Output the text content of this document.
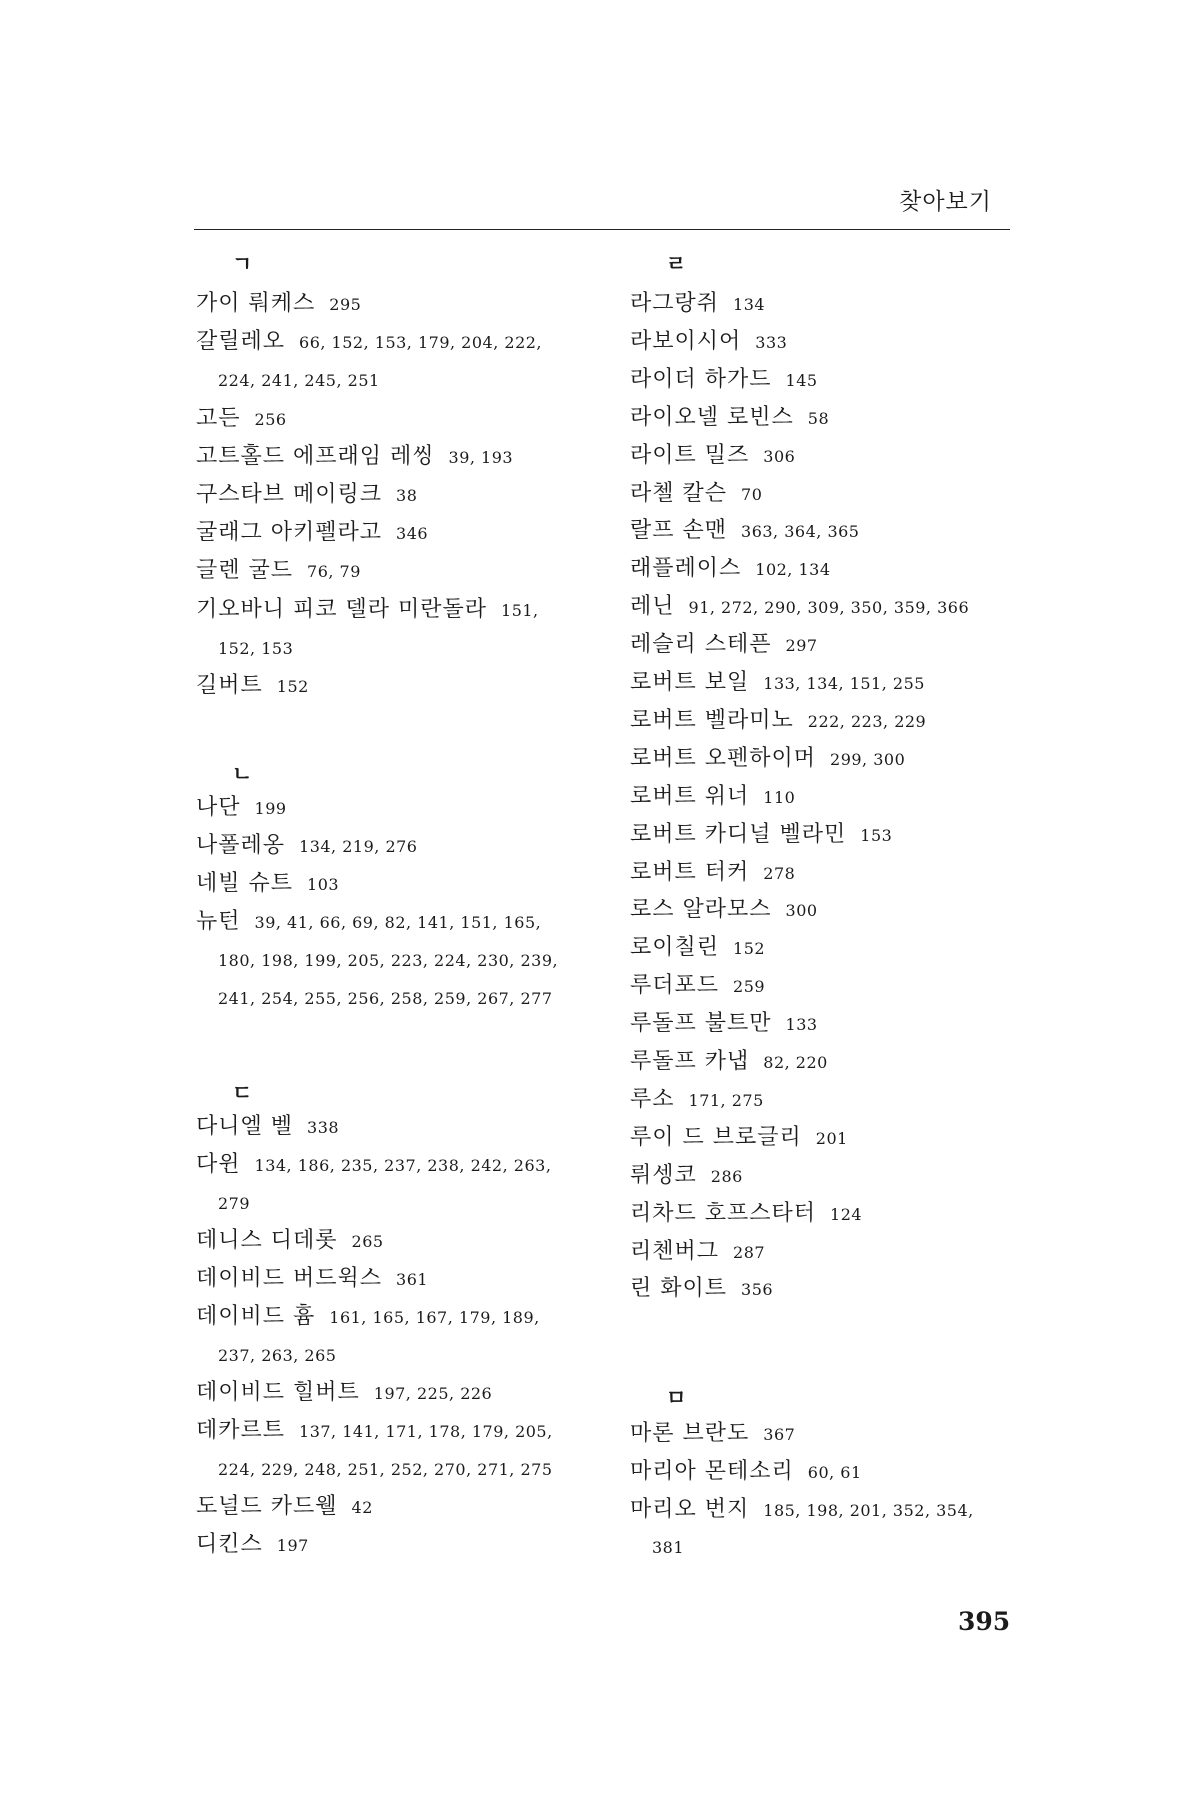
찾아보기
ㄱ
가이 뤄케스 295
갈릴레오 66, 152, 153, 179, 204, 222,
224, 241, 245, 251
고든 256
고트홀드 에프래임 레씽 39, 193
구스타브 메이링크 38
굴래그 아키펠라고 346
글렌 굴드 76, 79
기오바니 피코 델라 미란돌라 151,
152, 153
길버트 152
ㄴ
나단 199
나폴레옹 134, 219, 276
네빌 슈트 103
뉴턴 39, 41, 66, 69, 82, 141, 151, 165,
180, 198, 199, 205, 223, 224, 230, 239,
241, 254, 255, 256, 258, 259, 267, 277
ㄷ
다니엘 벨 338
다윈 134, 186, 235, 237, 238, 242, 263,
279
데니스 디데롯 265
데이비드 버드윅스 361
데이비드 흄 161, 165, 167, 179, 189,
237, 263, 265
데이비드 힐버트 197, 225, 226
데카르트 137, 141, 171, 178, 179, 205,
224, 229, 248, 251, 252, 270, 271, 275
도널드 카드웰 42
디킨스 197
ㄹ
라그랑쥐 134
라보이시어 333
라이더 하가드 145
라이오넬 로빈스 58
라이트 밀즈 306
라첼 칼슨 70
랄프 손맨 363, 364, 365
래플레이스 102, 134
레닌 91, 272, 290, 309, 350, 359, 366
레슬리 스테픈 297
로버트 보일 133, 134, 151, 255
로버트 벨라미노 222, 223, 229
로버트 오펜하이머 299, 300
로버트 위너 110
로버트 카디널 벨라민 153
로버트 터커 278
로스 알라모스 300
로이칠린 152
루더포드 259
루돌프 불트만 133
루돌프 카냅 82, 220
루소 171, 275
루이 드 브로글리 201
뤼셍코 286
리차드 호프스타터 124
리첸버그 287
린 화이트 356
ㅁ
마론 브란도 367
마리아 몬테소리 60, 61
마리오 번지 185, 198, 201, 352, 354,
381
395
